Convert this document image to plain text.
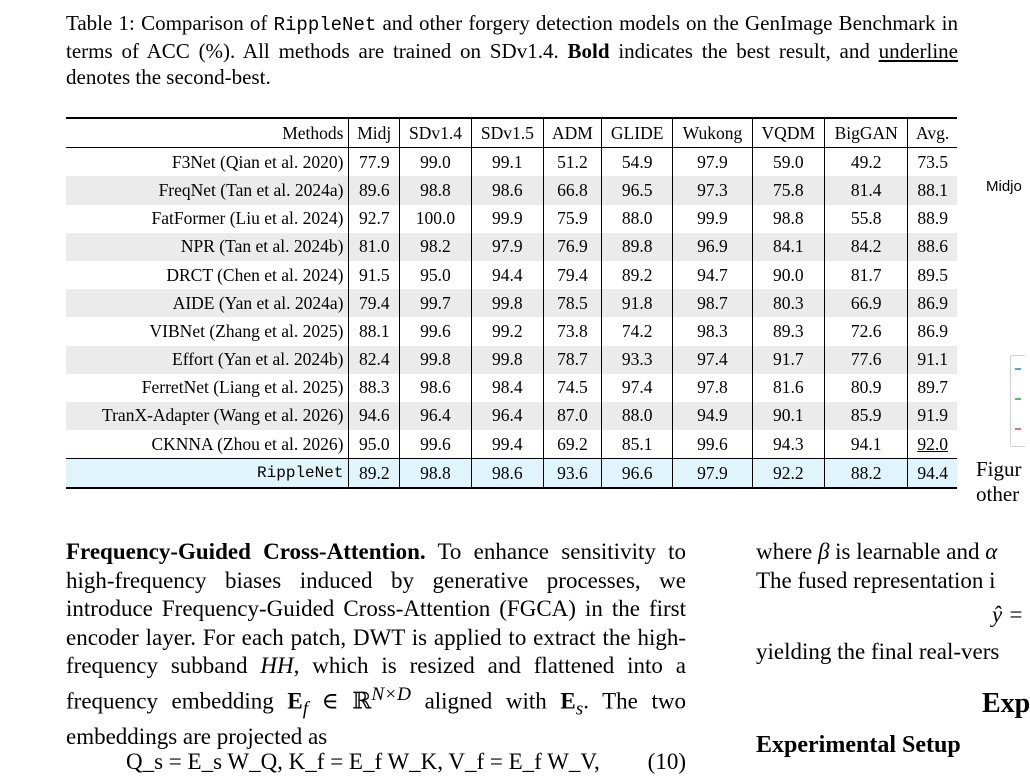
Table 1: Comparison of RippleNet and other forgery detection models on the GenImage Benchmark in terms of ACC (%). All methods are trained on SDv1.4. Bold indicates the best result, and underline denotes the second-best.
Methods	Midj	SDv1.4	SDv1.5	ADM	GLIDE	Wukong	VQDM	BigGAN	Avg.
F3Net (Qian et al. 2020)	77.9	99.0	99.1	51.2	54.9	97.9	59.0	49.2	73.5
FreqNet (Tan et al. 2024a)	89.6	98.8	98.6	66.8	96.5	97.3	75.8	81.4	88.1
FatFormer (Liu et al. 2024)	92.7	100.0	99.9	75.9	88.0	99.9	98.8	55.8	88.9
NPR (Tan et al. 2024b)	81.0	98.2	97.9	76.9	89.8	96.9	84.1	84.2	88.6
DRCT (Chen et al. 2024)	91.5	95.0	94.4	79.4	89.2	94.7	90.0	81.7	89.5
AIDE (Yan et al. 2024a)	79.4	99.7	99.8	78.5	91.8	98.7	80.3	66.9	86.9
VIBNet (Zhang et al. 2025)	88.1	99.6	99.2	73.8	74.2	98.3	89.3	72.6	86.9
Effort (Yan et al. 2024b)	82.4	99.8	99.8	78.7	93.3	97.4	91.7	77.6	91.1
FerretNet (Liang et al. 2025)	88.3	98.6	98.4	74.5	97.4	97.8	81.6	80.9	89.7
TranX-Adapter (Wang et al. 2026)	94.6	96.4	96.4	87.0	88.0	94.9	90.1	85.9	91.9
CKNNA (Zhou et al. 2026)	95.0	99.6	99.4	69.2	85.1	99.6	94.3	94.1	92.0
RippleNet	89.2	98.8	98.6	93.6	96.6	97.9	92.2	88.2	94.4

Frequency-Guided Cross-Attention. To enhance sensitivity to high-frequency biases induced by generative processes, we introduce Frequency-Guided Cross-Attention (FGCA) in the first encoder layer. For each patch, DWT is applied to extract the high-frequency subband HH, which is resized and flattened into a frequency embedding $E_f$ ∈ ℝ$^{N\times D}$ aligned with $E_s$. The two embeddings are projected as

Q_s = E_s W_Q, K_f = E_f W_K, V_f = E_f W_V, (10)
where β is learnable and α
The fused representation i
ŷ =
yielding the final real-vers
Exp
Experimental Setup
Midjo
Figur
other
